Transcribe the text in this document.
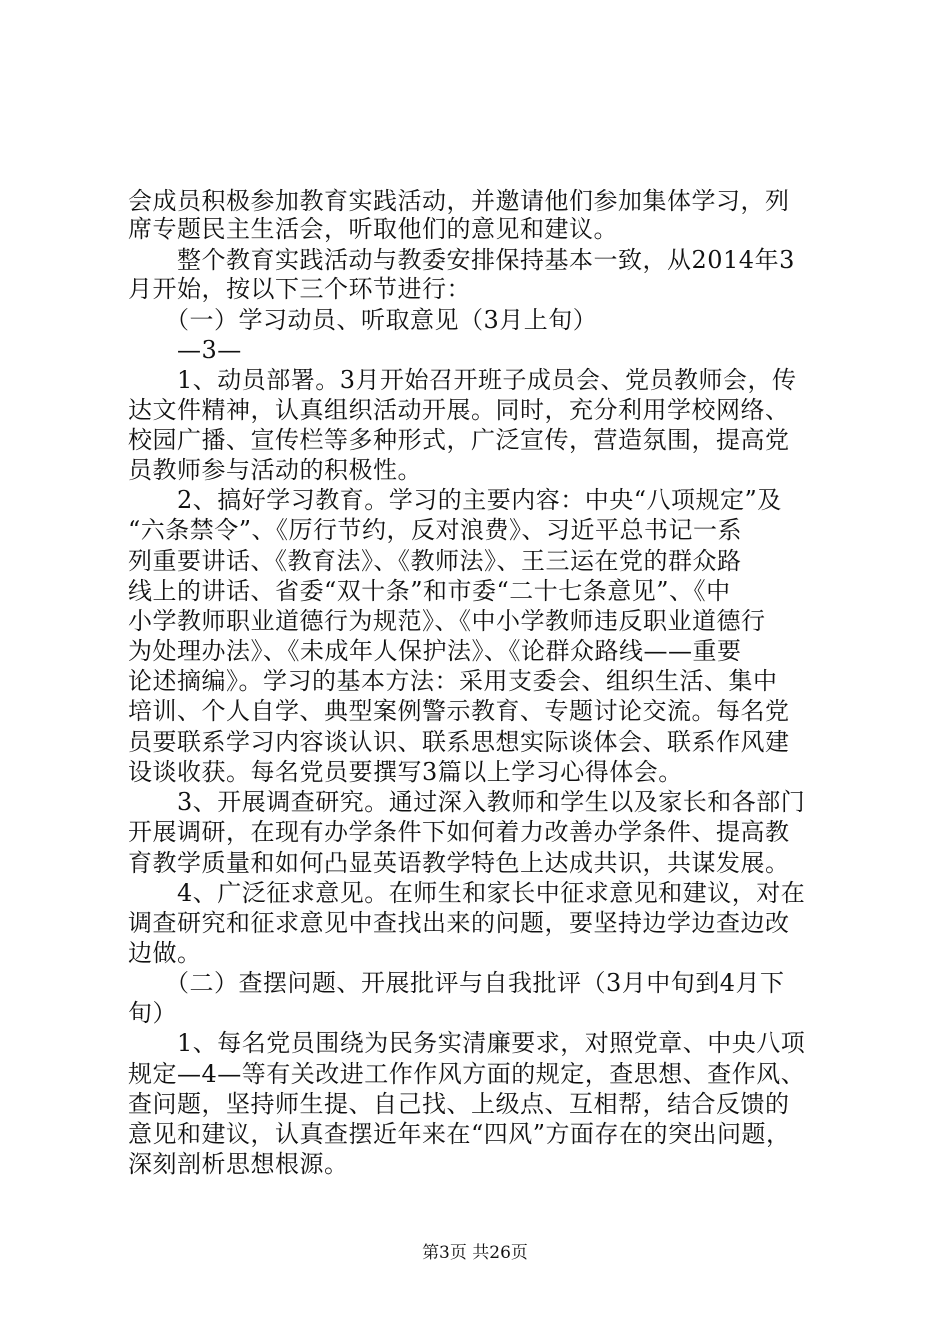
会成员积极参加教育实践活动，并邀请他们参加集体学习，列
席专题民主生活会，听取他们的意见和建议。
　　整个教育实践活动与教委安排保持基本一致，从2014年3
月开始，按以下三个环节进行：
　　（一）学习动员、听取意见（3月上旬）
　　—3—
　　1、动员部署。3月开始召开班子成员会、党员教师会，传
达文件精神，认真组织活动开展。同时，充分利用学校网络、
校园广播、宣传栏等多种形式，广泛宣传，营造氛围，提高党
员教师参与活动的积极性。
　　2、搞好学习教育。学习的主要内容：中央“八项规定”及
“六条禁令”、《厉行节约，反对浪费》、习近平总书记一系
列重要讲话、《教育法》、《教师法》、王三运在党的群众路
线上的讲话、省委“双十条”和市委“二十七条意见”、《中
小学教师职业道德行为规范》、《中小学教师违反职业道德行
为处理办法》、《未成年人保护法》、《论群众路线——重要
论述摘编》。学习的基本方法：采用支委会、组织生活、集中
培训、个人自学、典型案例警示教育、专题讨论交流。每名党
员要联系学习内容谈认识、联系思想实际谈体会、联系作风建
设谈收获。每名党员要撰写3篇以上学习心得体会。
　　3、开展调查研究。通过深入教师和学生以及家长和各部门
开展调研，在现有办学条件下如何着力改善办学条件、提高教
育教学质量和如何凸显英语教学特色上达成共识，共谋发展。
　　4、广泛征求意见。在师生和家长中征求意见和建议，对在
调查研究和征求意见中查找出来的问题，要坚持边学边查边改
边做。
　　（二）查摆问题、开展批评与自我批评（3月中旬到4月下
旬）
　　1、每名党员围绕为民务实清廉要求，对照党章、中央八项
规定—4—等有关改进工作作风方面的规定，查思想、查作风、
查问题，坚持师生提、自己找、上级点、互相帮，结合反馈的
意见和建议，认真查摆近年来在“四风”方面存在的突出问题，
深刻剖析思想根源。
第3页 共26页
